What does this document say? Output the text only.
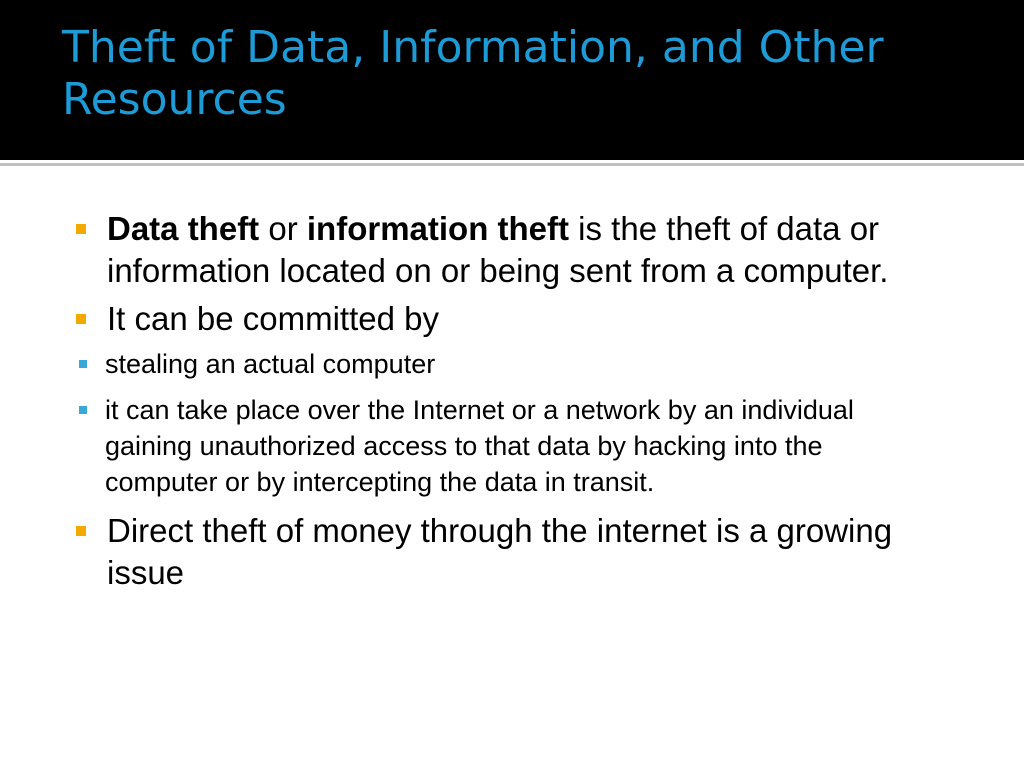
Theft of Data, Information, and Other Resources
Data theft or information theft is the theft of data or information located on or being sent from a computer.
It can be committed by
stealing an actual computer
it can take place over the Internet or a network by an individual gaining unauthorized access to that data by hacking into the computer or by intercepting the data in transit.
Direct theft of money through the internet is a growing issue
